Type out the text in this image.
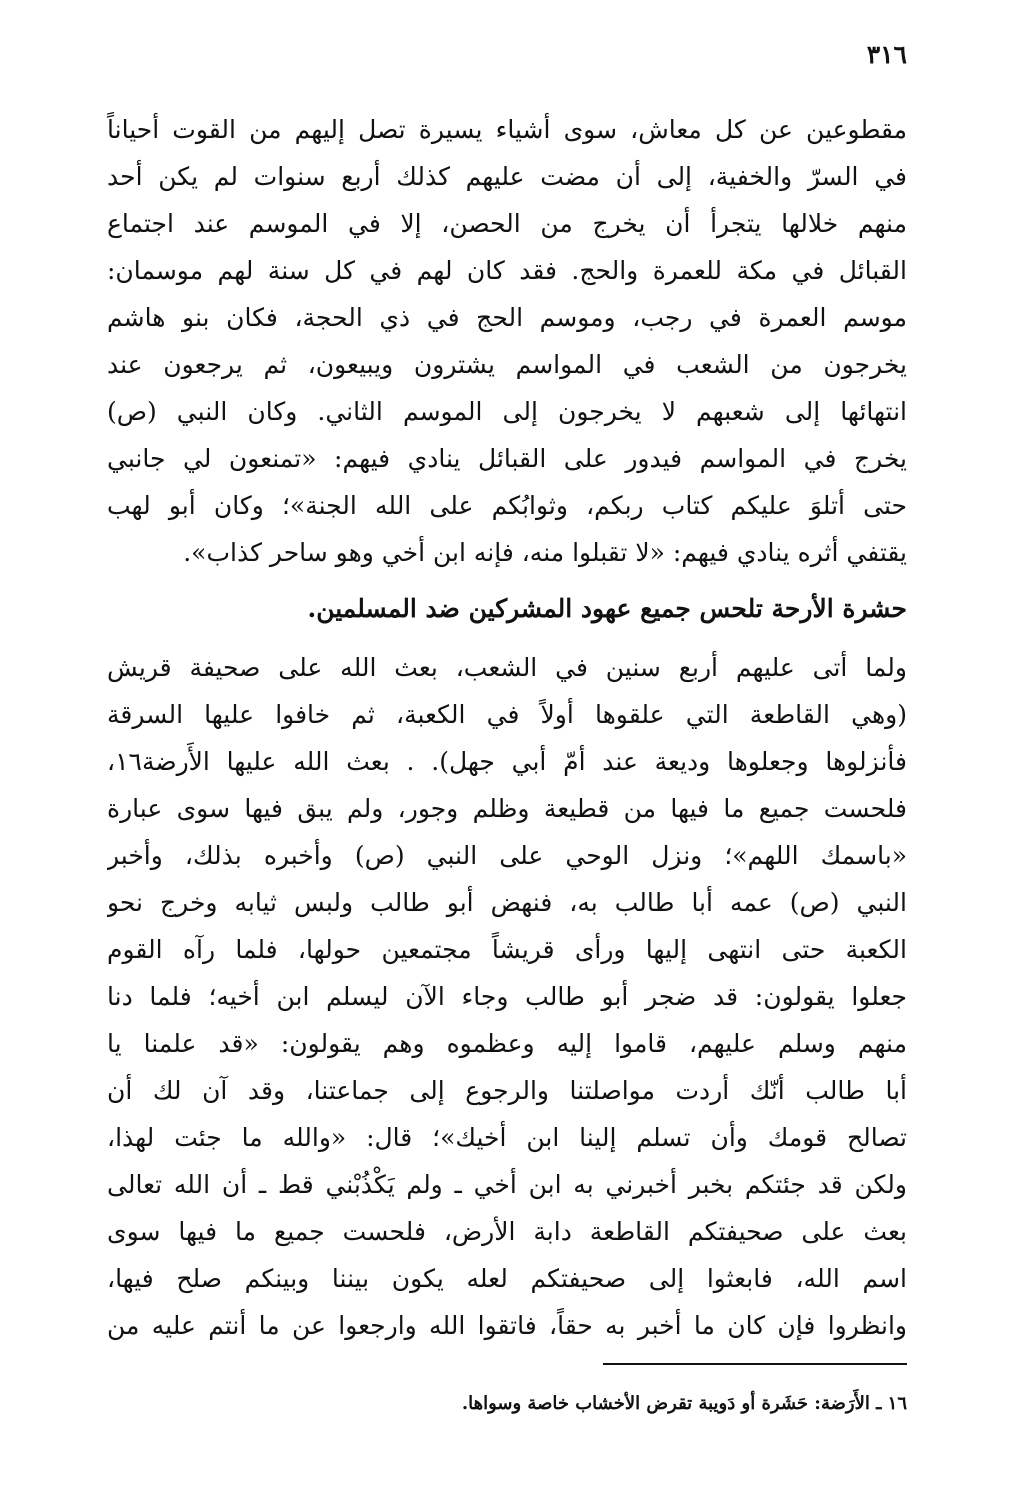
٣١٦
مقطوعين عن كل معاش، سوى أشياء يسيرة تصل إليهم من القوت أحياناً
في السرّ والخفية، إلى أن مضت عليهم كذلك أربع سنوات لم يكن أحد
منهم خلالها يتجرأ أن يخرج من الحصن، إلا في الموسم عند اجتماع
القبائل في مكة للعمرة والحج. فقد كان لهم في كل سنة لهم موسمان:
موسم العمرة في رجب، وموسم الحج في ذي الحجة، فكان بنو هاشم
يخرجون من الشعب في المواسم يشترون ويبيعون، ثم يرجعون عند
انتهائها إلى شعبهم لا يخرجون إلى الموسم الثاني. وكان النبي (ص)
يخرج في المواسم فيدور على القبائل ينادي فيهم: «تمنعون لي جانبي
حتى أتلوَ عليكم كتاب ربكم، وثوابُكم على الله الجنة»؛ وكان أبو لهب
يقتفي أثره ينادي فيهم: «لا تقبلوا منه، فإنه ابن أخي وهو ساحر كذاب».
حشرة الأرحة تلحس جميع عهود المشركين ضد المسلمين.
ولما أتى عليهم أربع سنين في الشعب، بعث الله على صحيفة قريش
(وهي القاطعة التي علقوها أولاً في الكعبة، ثم خافوا عليها السرقة
فأنزلوها وجعلوها وديعة عند أمّ أبي جهل). . بعث الله عليها الأَرضة١٦،
فلحست جميع ما فيها من قطيعة وظلم وجور، ولم يبق فيها سوى عبارة
«باسمك اللهم»؛ ونزل الوحي على النبي (ص) وأخبره بذلك، وأخبر
النبي (ص) عمه أبا طالب به، فنهض أبو طالب ولبس ثيابه وخرج نحو
الكعبة حتى انتهى إليها ورأى قريشاً مجتمعين حولها، فلما رآه القوم
جعلوا يقولون: قد ضجر أبو طالب وجاء الآن ليسلم ابن أخيه؛ فلما دنا
منهم وسلم عليهم، قاموا إليه وعظموه وهم يقولون: «قد علمنا يا
أبا طالب أنّك أردت مواصلتنا والرجوع إلى جماعتنا، وقد آن لك أن
تصالح قومك وأن تسلم إلينا ابن أخيك»؛ قال: «والله ما جئت لهذا،
ولكن قد جئتكم بخبر أخبرني به ابن أخي ـ ولم يَكْذُبْني قط ـ أن الله تعالى
بعث على صحيفتكم القاطعة دابة الأرض، فلحست جميع ما فيها سوى
اسم الله، فابعثوا إلى صحيفتكم لعله يكون بيننا وبينكم صلح فيها،
وانظروا فإن كان ما أخبر به حقاً، فاتقوا الله وارجعوا عن ما أنتم عليه من
١٦ ـ الأَرَضة: حَشَرة أو دَويبة تقرض الأخشاب خاصة وسواها.
